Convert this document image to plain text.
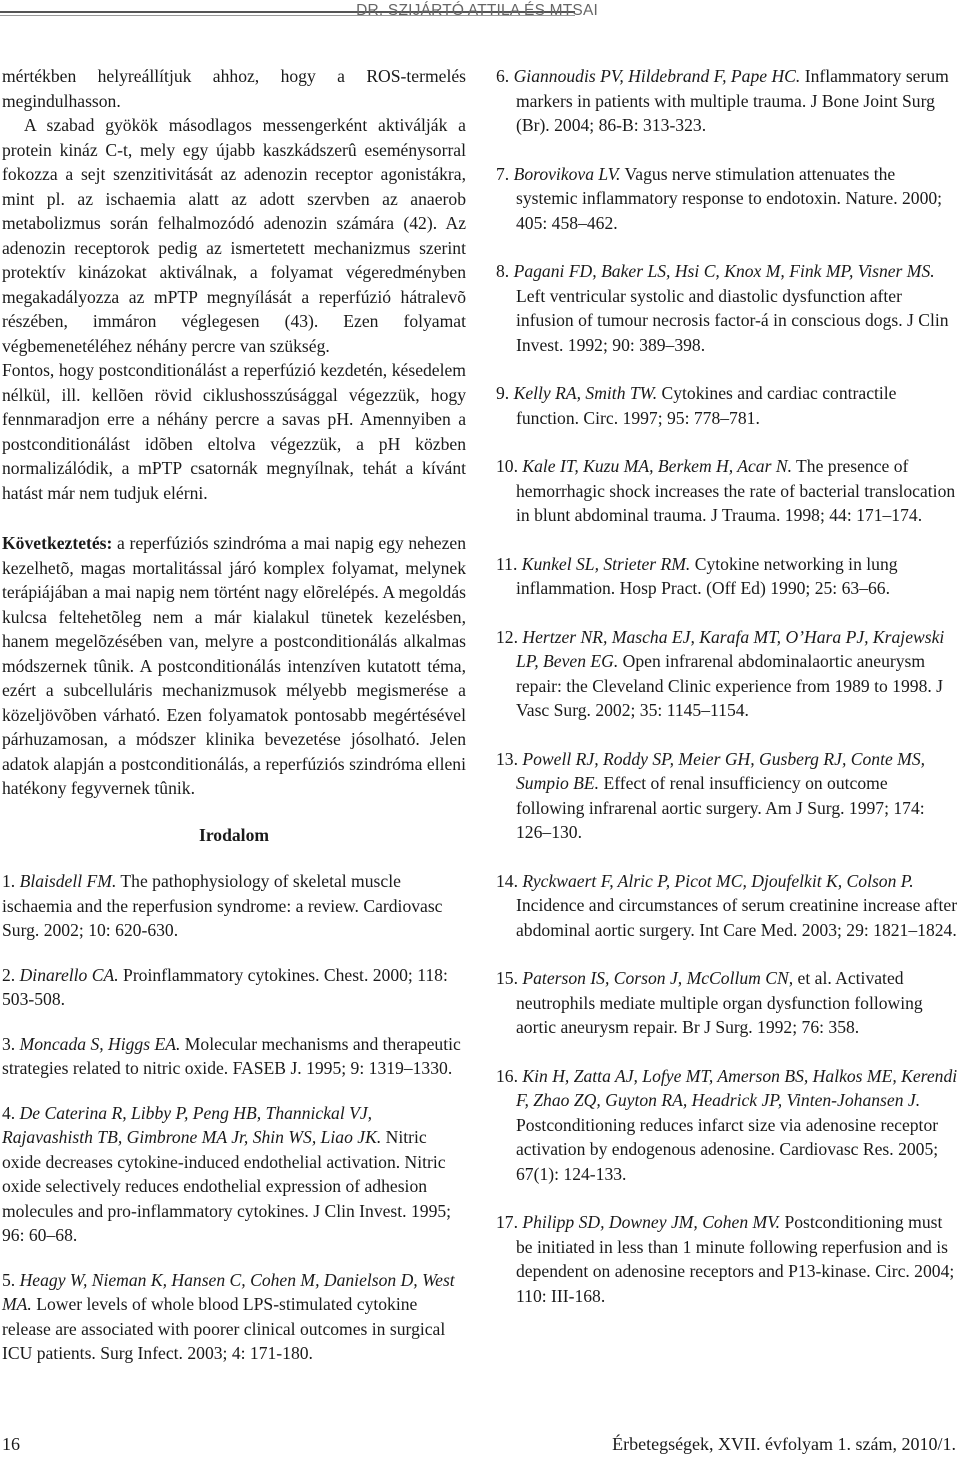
DR. SZIJÁRTÓ ATTILA ÉS MTSAI

mértékben helyreállítjuk ahhoz, hogy a ROS-termelés megindulhasson.

A szabad gyökök másodlagos messengerként aktiválják a protein kináz C-t, mely egy újabb kaszkádszerû eseménysorral fokozza a sejt szenzitivitását az adenozin receptor agonistákra, mint pl. az ischaemia alatt az adott szervben az anaerob metabolizmus során felhalmozódó adenozin számára (42). Az adenozin receptorok pedig az ismertetett mechanizmus szerint protektív kinázokat aktiválnak, a folyamat végeredményben megakadályozza az mPTP megnyílását a reperfúzió hátralevõ részében, immáron véglegesen (43). Ezen folyamat végbemenetéléhez néhány percre van szükség.

Fontos, hogy postconditionálást a reperfúzió kezdetén, késedelem nélkül, ill. kellõen rövid ciklushosszúsággal végezzük, hogy fennmaradjon erre a néhány percre a savas pH. Amennyiben a postconditionálást idõben eltolva végezzük, a pH közben normalizálódik, a mPTP csatornák megnyílnak, tehát a kívánt hatást már nem tudjuk elérni.

Következtetés: a reperfúziós szindróma a mai napig egy nehezen kezelhetõ, magas mortalitással járó komplex folyamat, melynek terápiájában a mai napig nem történt nagy elõrelépés. A megoldás kulcsa feltehetõleg nem a már kialakul tünetek kezelésben, hanem megelõzésében van, melyre a postconditionálás alkalmas módszernek tûnik. A postconditionálás intenzíven kutatott téma, ezért a subcelluláris mechanizmusok mélyebb megismerése a közeljövõben várható. Ezen folyamatok pontosabb megértésével párhuzamosan, a módszer klinika bevezetése jósolható. Jelen adatok alapján a postconditionálás, a reperfúziós szindróma elleni hatékony fegyvernek tûnik.

Irodalom

1. Blaisdell FM. The pathophysiology of skeletal muscle ischaemia and the reperfusion syndrome: a review. Cardiovasc Surg. 2002; 10: 620-630.

2. Dinarello CA. Proinflammatory cytokines. Chest. 2000; 118: 503-508.

3. Moncada S, Higgs EA. Molecular mechanisms and therapeutic strategies related to nitric oxide. FASEB J. 1995; 9: 1319–1330.

4. De Caterina R, Libby P, Peng HB, Thannickal VJ, Rajavashisth TB, Gimbrone MA Jr, Shin WS, Liao JK. Nitric oxide decreases cytokine-induced endothelial activation. Nitric oxide selectively reduces endothelial expression of adhesion molecules and pro-inflammatory cytokines. J Clin Invest. 1995; 96: 60–68.

5. Heagy W, Nieman K, Hansen C, Cohen M, Danielson D, West MA. Lower levels of whole blood LPS-stimulated cytokine release are associated with poorer clinical outcomes in surgical ICU patients. Surg Infect. 2003; 4: 171-180.

6. Giannoudis PV, Hildebrand F, Pape HC. Inflammatory serum markers in patients with multiple trauma. J Bone Joint Surg (Br). 2004; 86-B: 313-323.

7. Borovikova LV. Vagus nerve stimulation attenuates the systemic inflammatory response to endotoxin. Nature. 2000; 405: 458–462.

8. Pagani FD, Baker LS, Hsi C, Knox M, Fink MP, Visner MS. Left ventricular systolic and diastolic dysfunction after infusion of tumour necrosis factor-á in conscious dogs. J Clin Invest. 1992; 90: 389–398.

9. Kelly RA, Smith TW. Cytokines and cardiac contractile function. Circ. 1997; 95: 778–781.

10. Kale IT, Kuzu MA, Berkem H, Acar N. The presence of hemorrhagic shock increases the rate of bacterial translocation in blunt abdominal trauma. J Trauma. 1998; 44: 171–174.

11. Kunkel SL, Strieter RM. Cytokine networking in lung inflammation. Hosp Pract. (Off Ed) 1990; 25: 63–66.

12. Hertzer NR, Mascha EJ, Karafa MT, O’Hara PJ, Krajewski LP, Beven EG. Open infrarenal abdominalaortic aneurysm repair: the Cleveland Clinic experience from 1989 to 1998. J Vasc Surg. 2002; 35: 1145–1154.

13. Powell RJ, Roddy SP, Meier GH, Gusberg RJ, Conte MS, Sumpio BE. Effect of renal insufficiency on outcome following infrarenal aortic surgery. Am J Surg. 1997; 174: 126–130.

14. Ryckwaert F, Alric P, Picot MC, Djoufelkit K, Colson P. Incidence and circumstances of serum creatinine increase after abdominal aortic surgery. Int Care Med. 2003; 29: 1821–1824.

15. Paterson IS, Corson J, McCollum CN, et al. Activated neutrophils mediate multiple organ dysfunction following aortic aneurysm repair. Br J Surg. 1992; 76: 358.

16. Kin H, Zatta AJ, Lofye MT, Amerson BS, Halkos ME, Kerendi F, Zhao ZQ, Guyton RA, Headrick JP, Vinten-Johansen J. Postconditioning reduces infarct size via adenosine receptor activation by endogenous adenosine. Cardiovasc Res. 2005; 67(1): 124-133.

17. Philipp SD, Downey JM, Cohen MV. Postconditioning must be initiated in less than 1 minute following reperfusion and is dependent on adenosine receptors and P13-kinase. Circ. 2004; 110: III-168.

16	Érbetegségek, XVII. évfolyam 1. szám, 2010/1.
